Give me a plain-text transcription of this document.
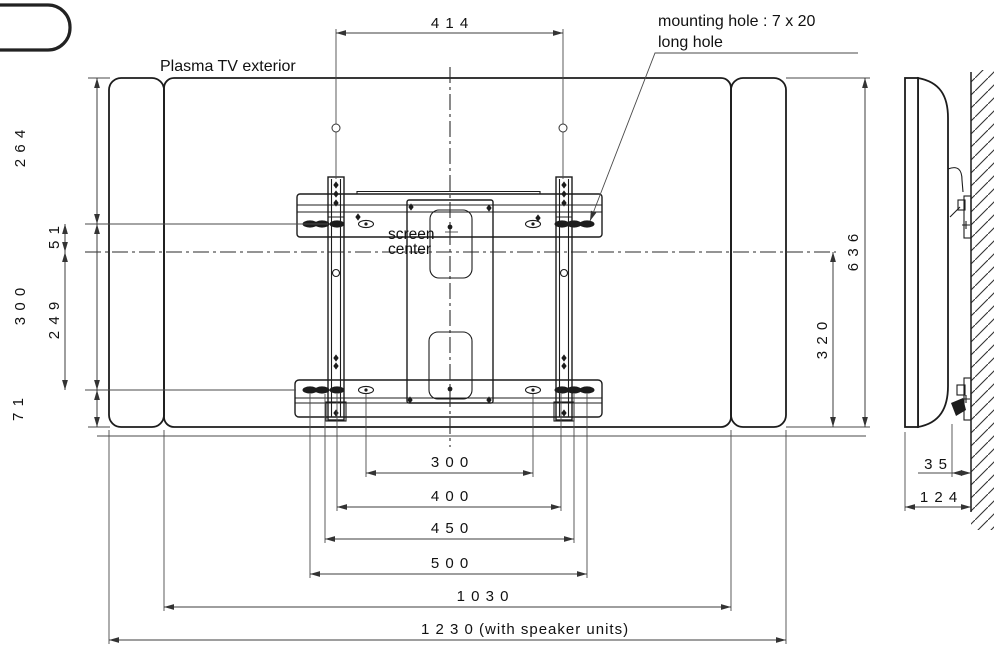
Plasma TV exterior
mounting hole : 7 x 20
long hole
screen
center
4 1 4
2 6 4
5 1
3 0 0 2 4 9
7 1
6 3 6
3 2 0
3 0 0
4 0 0
4 5 0
5 0 0
1 0 3 0
1 2 3 0 (with speaker units)
3 5
1 2 4
